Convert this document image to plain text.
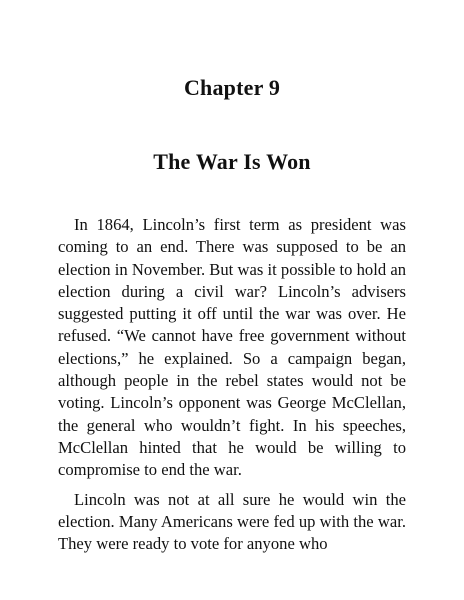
Chapter 9
The War Is Won

In 1864, Lincoln’s first term as president was coming to an end. There was supposed to be an election in November. But was it possible to hold an election during a civil war? Lincoln’s advisers suggested putting it off until the war was over. He refused. “We cannot have free government without elections,” he explained. So a campaign began, although people in the rebel states would not be voting. Lincoln’s opponent was George McClellan, the general who wouldn’t fight. In his speeches, McClellan hinted that he would be willing to compromise to end the war.

Lincoln was not at all sure he would win the election. Many Americans were fed up with the war. They were ready to vote for anyone who
